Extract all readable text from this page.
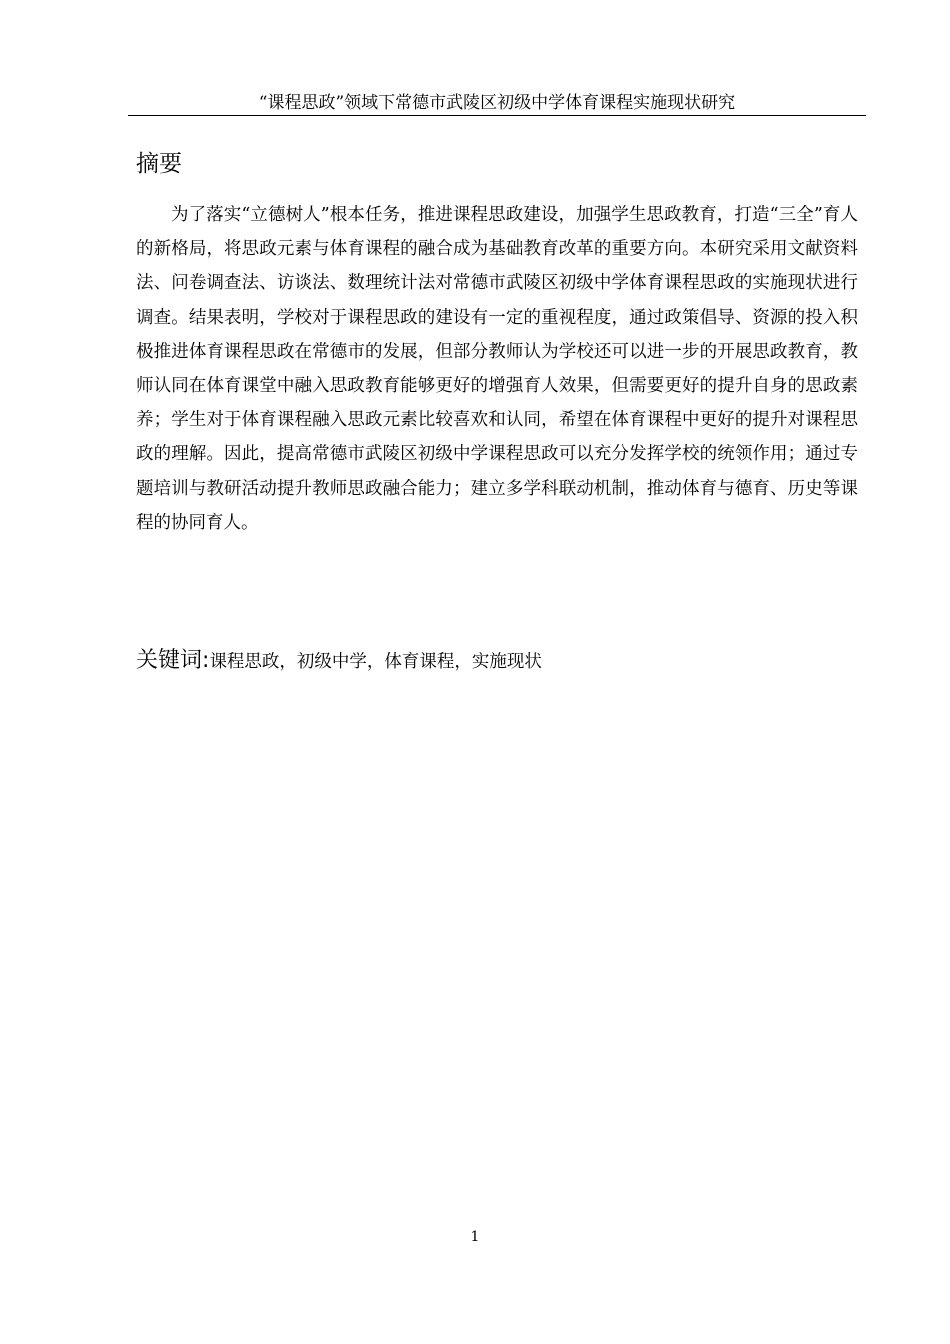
“课程思政”领域下常德市武陵区初级中学体育课程实施现状研究
摘要

为了落实“立德树人”根本任务，推进课程思政建设，加强学生思政教育，打造“三全”育人的新格局，将思政元素与体育课程的融合成为基础教育改革的重要方向。本研究采用文献资料法、问卷调查法、访谈法、数理统计法对常德市武陵区初级中学体育课程思政的实施现状进行调查。结果表明，学校对于课程思政的建设有一定的重视程度，通过政策倡导、资源的投入积极推进体育课程思政在常德市的发展，但部分教师认为学校还可以进一步的开展思政教育，教师认同在体育课堂中融入思政教育能够更好的增强育人效果，但需要更好的提升自身的思政素养；学生对于体育课程融入思政元素比较喜欢和认同，希望在体育课程中更好的提升对课程思政的理解。因此，提高常德市武陵区初级中学课程思政可以充分发挥学校的统领作用；通过专题培训与教研活动提升教师思政融合能力；建立多学科联动机制，推动体育与德育、历史等课程的协同育人。

关键词:课程思政，初级中学，体育课程，实施现状
1
